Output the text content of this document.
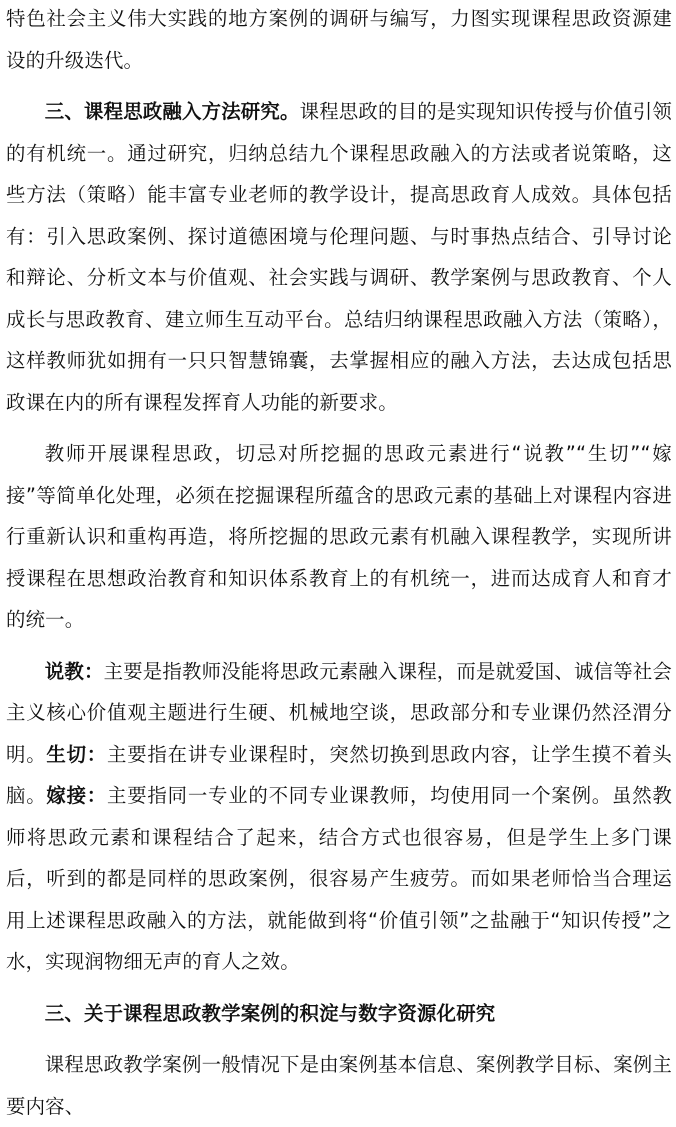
特色社会主义伟大实践的地方案例的调研与编写，力图实现课程思政资源建设的升级迭代。

三、课程思政融入方法研究。课程思政的目的是实现知识传授与价值引领的有机统一。通过研究，归纳总结九个课程思政融入的方法或者说策略，这些方法（策略）能丰富专业老师的教学设计，提高思政育人成效。具体包括有：引入思政案例、探讨道德困境与伦理问题、与时事热点结合、引导讨论和辩论、分析文本与价值观、社会实践与调研、教学案例与思政教育、个人成长与思政教育、建立师生互动平台。总结归纳课程思政融入方法（策略），这样教师犹如拥有一只只智慧锦囊，去掌握相应的融入方法，去达成包括思政课在内的所有课程发挥育人功能的新要求。

教师开展课程思政，切忌对所挖掘的思政元素进行“说教”“生切”“嫁接”等简单化处理，必须在挖掘课程所蕴含的思政元素的基础上对课程内容进行重新认识和重构再造，将所挖掘的思政元素有机融入课程教学，实现所讲授课程在思想政治教育和知识体系教育上的有机统一，进而达成育人和育才的统一。

说教：主要是指教师没能将思政元素融入课程，而是就爱国、诚信等社会主义核心价值观主题进行生硬、机械地空谈，思政部分和专业课仍然泾渭分明。生切：主要指在讲专业课程时，突然切换到思政内容，让学生摸不着头脑。嫁接：主要指同一专业的不同专业课教师，均使用同一个案例。虽然教师将思政元素和课程结合了起来，结合方式也很容易，但是学生上多门课后，听到的都是同样的思政案例，很容易产生疲劳。而如果老师恰当合理运用上述课程思政融入的方法，就能做到将“价值引领”之盐融于“知识传授”之水，实现润物细无声的育人之效。

三、关于课程思政教学案例的积淀与数字资源化研究

课程思政教学案例一般情况下是由案例基本信息、案例教学目标、案例主要内容、
